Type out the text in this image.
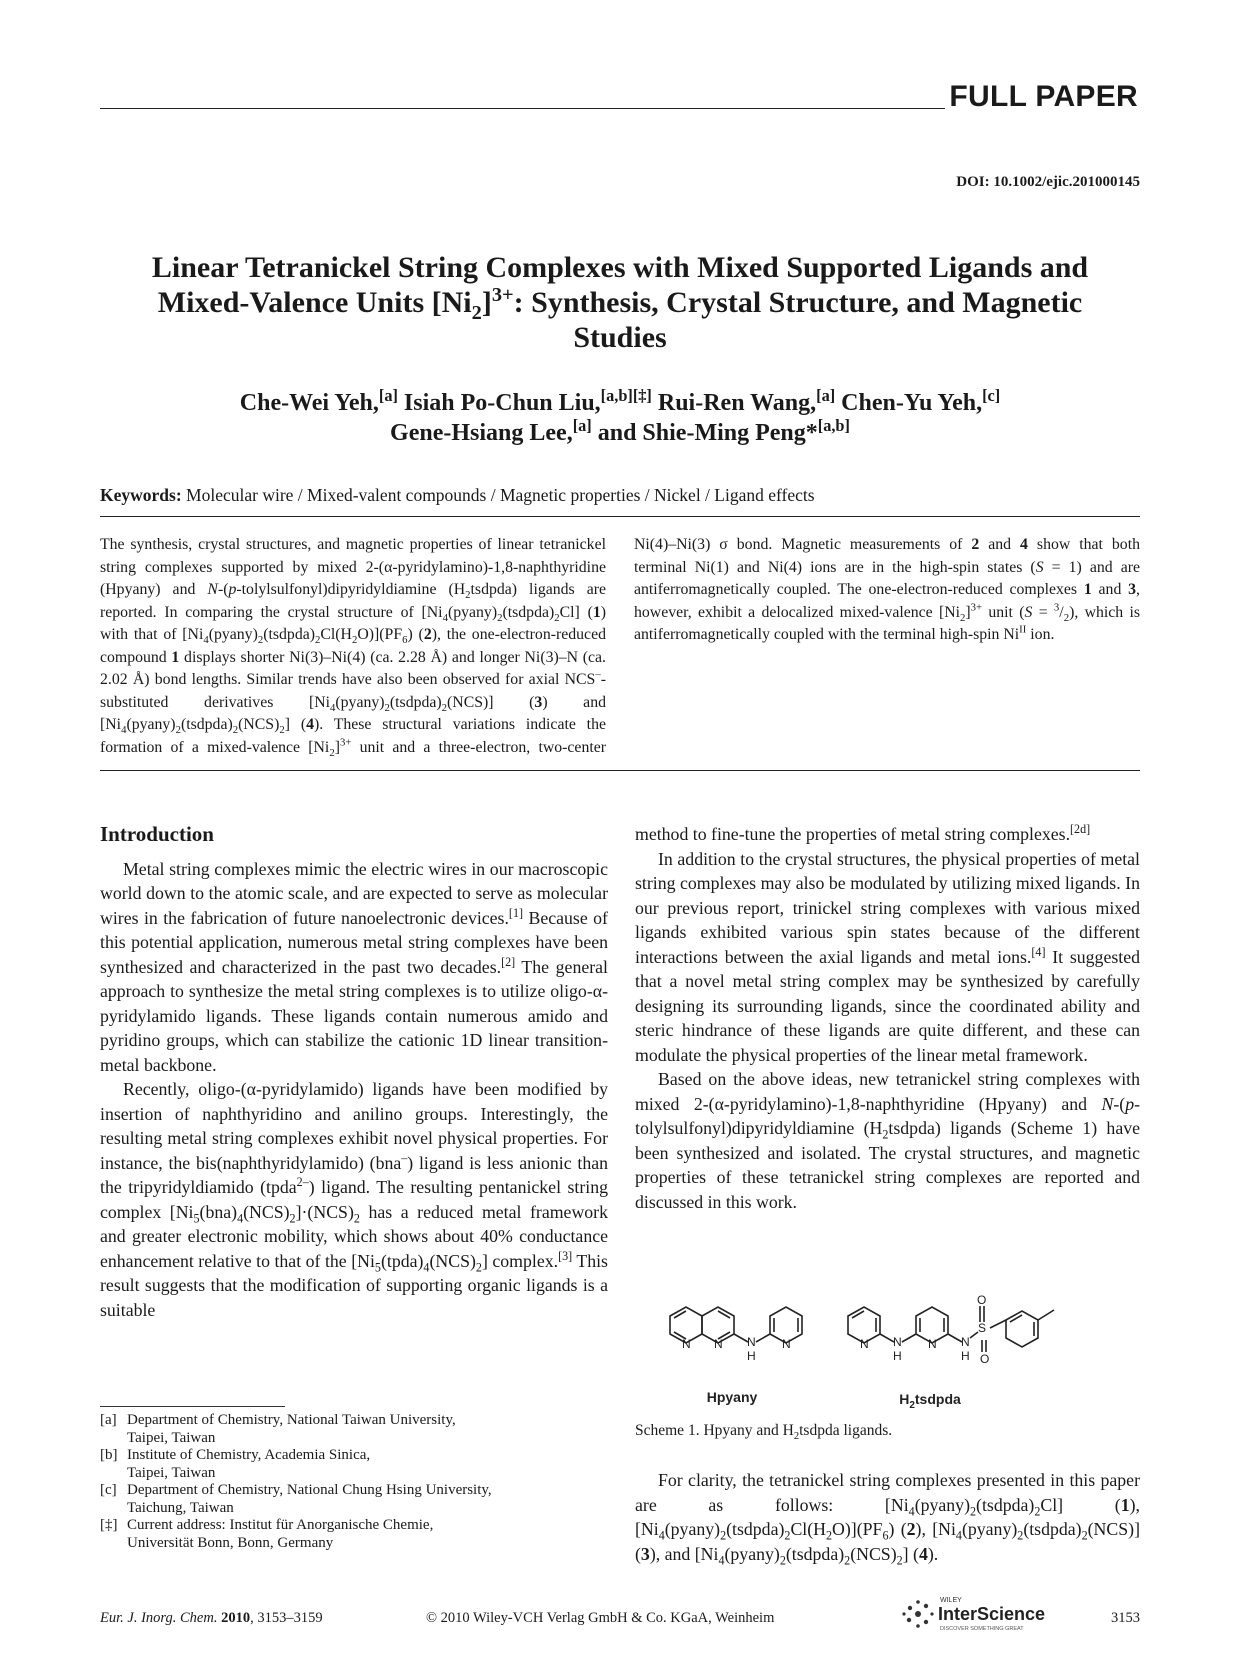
FULL PAPER
DOI: 10.1002/ejic.201000145
Linear Tetranickel String Complexes with Mixed Supported Ligands and
Mixed-Valence Units $[Ni_2]^{3+}$: Synthesis, Crystal Structure, and Magnetic
Studies
Che-Wei Yeh,[a] Isiah Po-Chun Liu,[a,b][‡] Rui-Ren Wang,[a] Chen-Yu Yeh,[c]
Gene-Hsiang Lee,[a] and Shie-Ming Peng*[a,b]
Keywords: Molecular wire / Mixed-valent compounds / Magnetic properties / Nickel / Ligand effects

The synthesis, crystal structures, and magnetic properties of linear tetranickel string complexes supported by mixed 2-(α-pyridylamino)-1,8-naphthyridine (Hpyany) and N-(p-tolylsulfonyl)dipyridyldiamine $(H_2tsdpda)$ ligands are reported. In comparing the crystal structure of $[Ni_4(pyany)_2(tsdpda)_2Cl]$ (1) with that of $[Ni_4(pyany)_2(tsdpda)_2Cl(H_2O)](PF_6)$ (2), the one-electron-reduced compound 1 displays shorter Ni(3)–Ni(4) (ca. 2.28 Å) and longer Ni(3)–N (ca. 2.02 Å) bond lengths. Similar trends have also been observed for axial NCS–-substituted derivatives $[Ni_4(pyany)_2(tsdpda)_2(NCS)]$ (3) and $[Ni_4(pyany)_2(tsdpda)_2(NCS)_2]$ (4). These structural variations indicate the formation of a mixed-valence $[Ni_2]^{3+}$ unit and a three-electron, two-center Ni(4)–Ni(3) σ bond. Magnetic measurements of 2 and 4 show that both terminal Ni(1) and Ni(4) ions are in the high-spin states (S = 1) and are antiferromagnetically coupled. The one-electron-reduced complexes 1 and 3, however, exhibit a delocalized mixed-valence $[Ni_2]^{3+}$ unit $(S = ^3/_2)$, which is antiferromagnetically coupled with the terminal high-spin $Ni^{II}$ ion.

Introduction

Metal string complexes mimic the electric wires in our macroscopic world down to the atomic scale, and are expected to serve as molecular wires in the fabrication of future nanoelectronic devices.[1] Because of this potential application, numerous metal string complexes have been synthesized and characterized in the past two decades.[2] The general approach to synthesize the metal string complexes is to utilize oligo-α-pyridylamido ligands. These ligands contain numerous amido and pyridino groups, which can stabilize the cationic 1D linear transition-metal backbone.

Recently, oligo-(α-pyridylamido) ligands have been modified by insertion of naphthyridino and anilino groups. Interestingly, the resulting metal string complexes exhibit novel physical properties. For instance, the bis(naphthyridylamido) (bna–) ligand is less anionic than the tripyridyldiamido (tpda$^{2-}$) ligand. The resulting pentanickel string complex $[Ni_5(bna)_4(NCS)_2]\cdot(NCS)_2$ has a reduced metal framework and greater electronic mobility, which shows about 40% conductance enhancement relative to that of the $[Ni_5(tpda)_4(NCS)_2]$ complex.[3] This result suggests that the modification of supporting organic ligands is a suitable

[a] Department of Chemistry, National Taiwan University,
Taipei, Taiwan
[b] Institute of Chemistry, Academia Sinica,
Taipei, Taiwan
[c] Department of Chemistry, National Chung Hsing University,
Taichung, Taiwan
[‡] Current address: Institut für Anorganische Chemie,
Universität Bonn, Bonn, Germany

method to fine-tune the properties of metal string complexes.[2d]

In addition to the crystal structures, the physical properties of metal string complexes may also be modulated by utilizing mixed ligands. In our previous report, trinickel string complexes with various mixed ligands exhibited various spin states because of the different interactions between the axial ligands and metal ions.[4] It suggested that a novel metal string complex may be synthesized by carefully designing its surrounding ligands, since the coordinated ability and steric hindrance of these ligands are quite different, and these can modulate the physical properties of the linear metal framework.

Based on the above ideas, new tetranickel string complexes with mixed 2-(α-pyridylamino)-1,8-naphthyridine (Hpyany) and N-(p-tolylsulfonyl)dipyridyldiamine $(H_2tsdpda)$ ligands (Scheme 1) have been synthesized and isolated. The crystal structures, and magnetic properties of these tetranickel string complexes are reported and discussed in this work.

N N N
H
N	N N
H
N N
H
S
O
O
Hpyany	$H_2tsdpda$
Scheme 1. Hpyany and $H_2tsdpda$ ligands.

For clarity, the tetranickel string complexes presented in this paper are as follows: $[Ni_4(pyany)_2(tsdpda)_2Cl]$ (1), $[Ni_4(pyany)_2(tsdpda)_2Cl(H_2O)](PF_6)$ (2), $[Ni_4(pyany)_2(tsdpda)_2(NCS)]$ (3), and $[Ni_4(pyany)_2(tsdpda)_2(NCS)_2]$ (4).

Eur. J. Inorg. Chem. 2010, 3153–3159	© 2010 Wiley-VCH Verlag GmbH & Co. KGaA, Weinheim
WILEY
InterScience
DISCOVER SOMETHING GREAT
3153
